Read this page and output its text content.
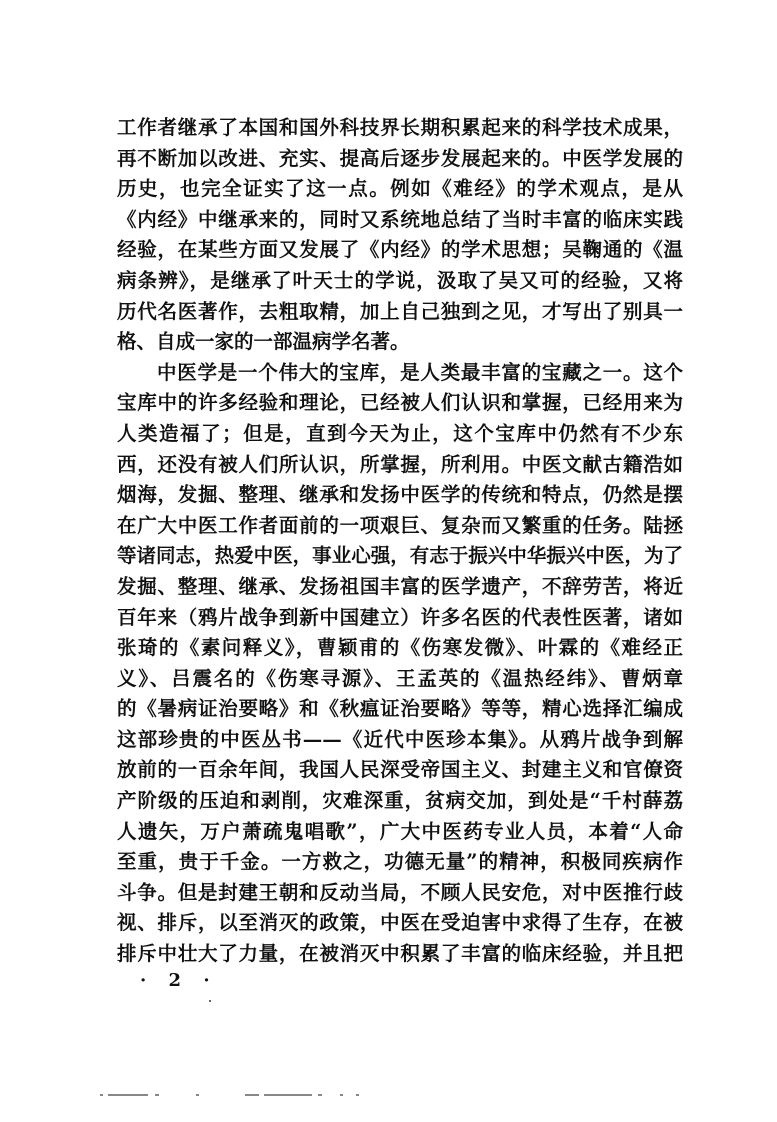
工作者继承了本国和国外科技界长期积累起来的科学技术成果，
再不断加以改进、充实、提高后逐步发展起来的。中医学发展的
历史，也完全证实了这一点。例如《难经》的学术观点，是从
《内经》中继承来的，同时又系统地总结了当时丰富的临床实践
经验，在某些方面又发展了《内经》的学术思想；吴鞠通的《温
病条辨》，是继承了叶天士的学说，汲取了吴又可的经验，又将
历代名医著作，去粗取精，加上自己独到之见，才写出了别具一
格、自成一家的一部温病学名著。
中医学是一个伟大的宝库，是人类最丰富的宝藏之一。这个
宝库中的许多经验和理论，已经被人们认识和掌握，已经用来为
人类造福了；但是，直到今天为止，这个宝库中仍然有不少东
西，还没有被人们所认识，所掌握，所利用。中医文献古籍浩如
烟海，发掘、整理、继承和发扬中医学的传统和特点，仍然是摆
在广大中医工作者面前的一项艰巨、复杂而又繁重的任务。陆拯
等诸同志，热爱中医，事业心强，有志于振兴中华振兴中医，为了
发掘、整理、继承、发扬祖国丰富的医学遗产，不辞劳苦，将近
百年来（鸦片战争到新中国建立）许多名医的代表性医著，诸如
张琦的《素问释义》，曹颖甫的《伤寒发微》、叶霖的《难经正
义》、吕震名的《伤寒寻源》、王孟英的《温热经纬》、曹炳章
的《暑病证治要略》和《秋瘟证治要略》等等，精心选择汇编成
这部珍贵的中医丛书——《近代中医珍本集》。从鸦片战争到解
放前的一百余年间，我国人民深受帝国主义、封建主义和官僚资
产阶级的压迫和剥削，灾难深重，贫病交加，到处是“千村薛荔
人遗矢，万户萧疏鬼唱歌”，广大中医药专业人员，本着“人命
至重，贵于千金。一方救之，功德无量”的精神，积极同疾病作
斗争。但是封建王朝和反动当局，不顾人民安危，对中医推行歧
视、排斥，以至消灭的政策，中医在受迫害中求得了生存，在被
排斥中壮大了力量，在被消灭中积累了丰富的临床经验，并且把
· 2 ·
